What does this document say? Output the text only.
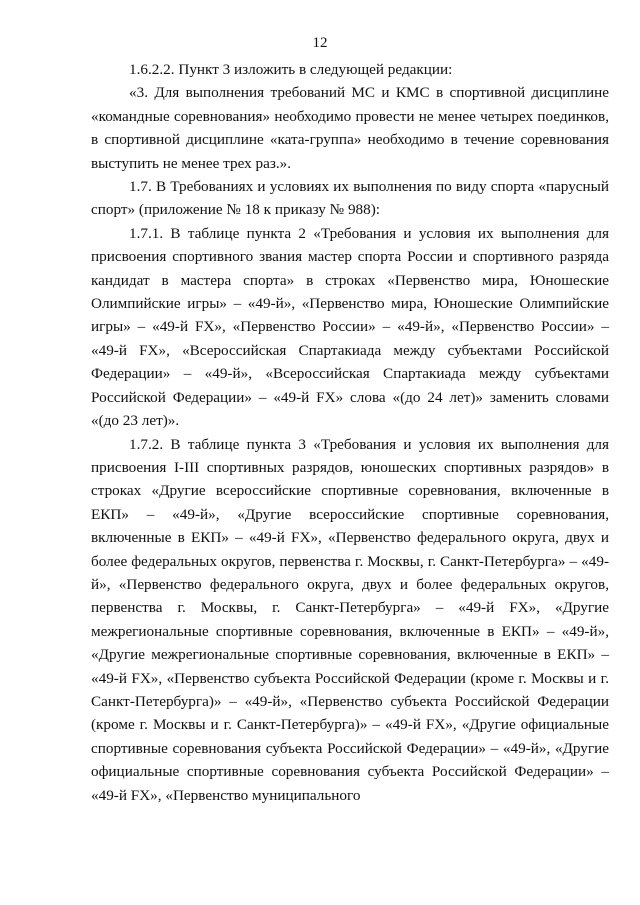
12

1.6.2.2. Пункт 3 изложить в следующей редакции:

«3. Для выполнения требований МС и КМС в спортивной дисциплине «командные соревнования» необходимо провести не менее четырех поединков, в спортивной дисциплине «ката-группа» необходимо в течение соревнования выступить не менее трех раз.».

1.7. В Требованиях и условиях их выполнения по виду спорта «парусный спорт» (приложение № 18 к приказу № 988):

1.7.1. В таблице пункта 2 «Требования и условия их выполнения для присвоения спортивного звания мастер спорта России и спортивного разряда кандидат в мастера спорта» в строках «Первенство мира, Юношеские Олимпийские игры» – «49-й», «Первенство мира, Юношеские Олимпийские игры» – «49-й FX», «Первенство России» – «49-й», «Первенство России» – «49-й FX», «Всероссийская Спартакиада между субъектами Российской Федерации» – «49-й», «Всероссийская Спартакиада между субъектами Российской Федерации» – «49-й FX» слова «(до 24 лет)» заменить словами «(до 23 лет)».

1.7.2. В таблице пункта 3 «Требования и условия их выполнения для присвоения I-III спортивных разрядов, юношеских спортивных разрядов» в строках «Другие всероссийские спортивные соревнования, включенные в ЕКП» – «49-й», «Другие всероссийские спортивные соревнования, включенные в ЕКП» – «49-й FX», «Первенство федерального округа, двух и более федеральных округов, первенства г. Москвы, г. Санкт-Петербурга» – «49-й», «Первенство федерального округа, двух и более федеральных округов, первенства г. Москвы, г. Санкт-Петербурга» – «49-й FX», «Другие межрегиональные спортивные соревнования, включенные в ЕКП» – «49-й», «Другие межрегиональные спортивные соревнования, включенные в ЕКП» – «49-й FX», «Первенство субъекта Российской Федерации (кроме г. Москвы и г. Санкт-Петербурга)» – «49-й», «Первенство субъекта Российской Федерации (кроме г. Москвы и г. Санкт-Петербурга)» – «49-й FX», «Другие официальные спортивные соревнования субъекта Российской Федерации» – «49-й», «Другие официальные спортивные соревнования субъекта Российской Федерации» – «49-й FX», «Первенство муниципального
